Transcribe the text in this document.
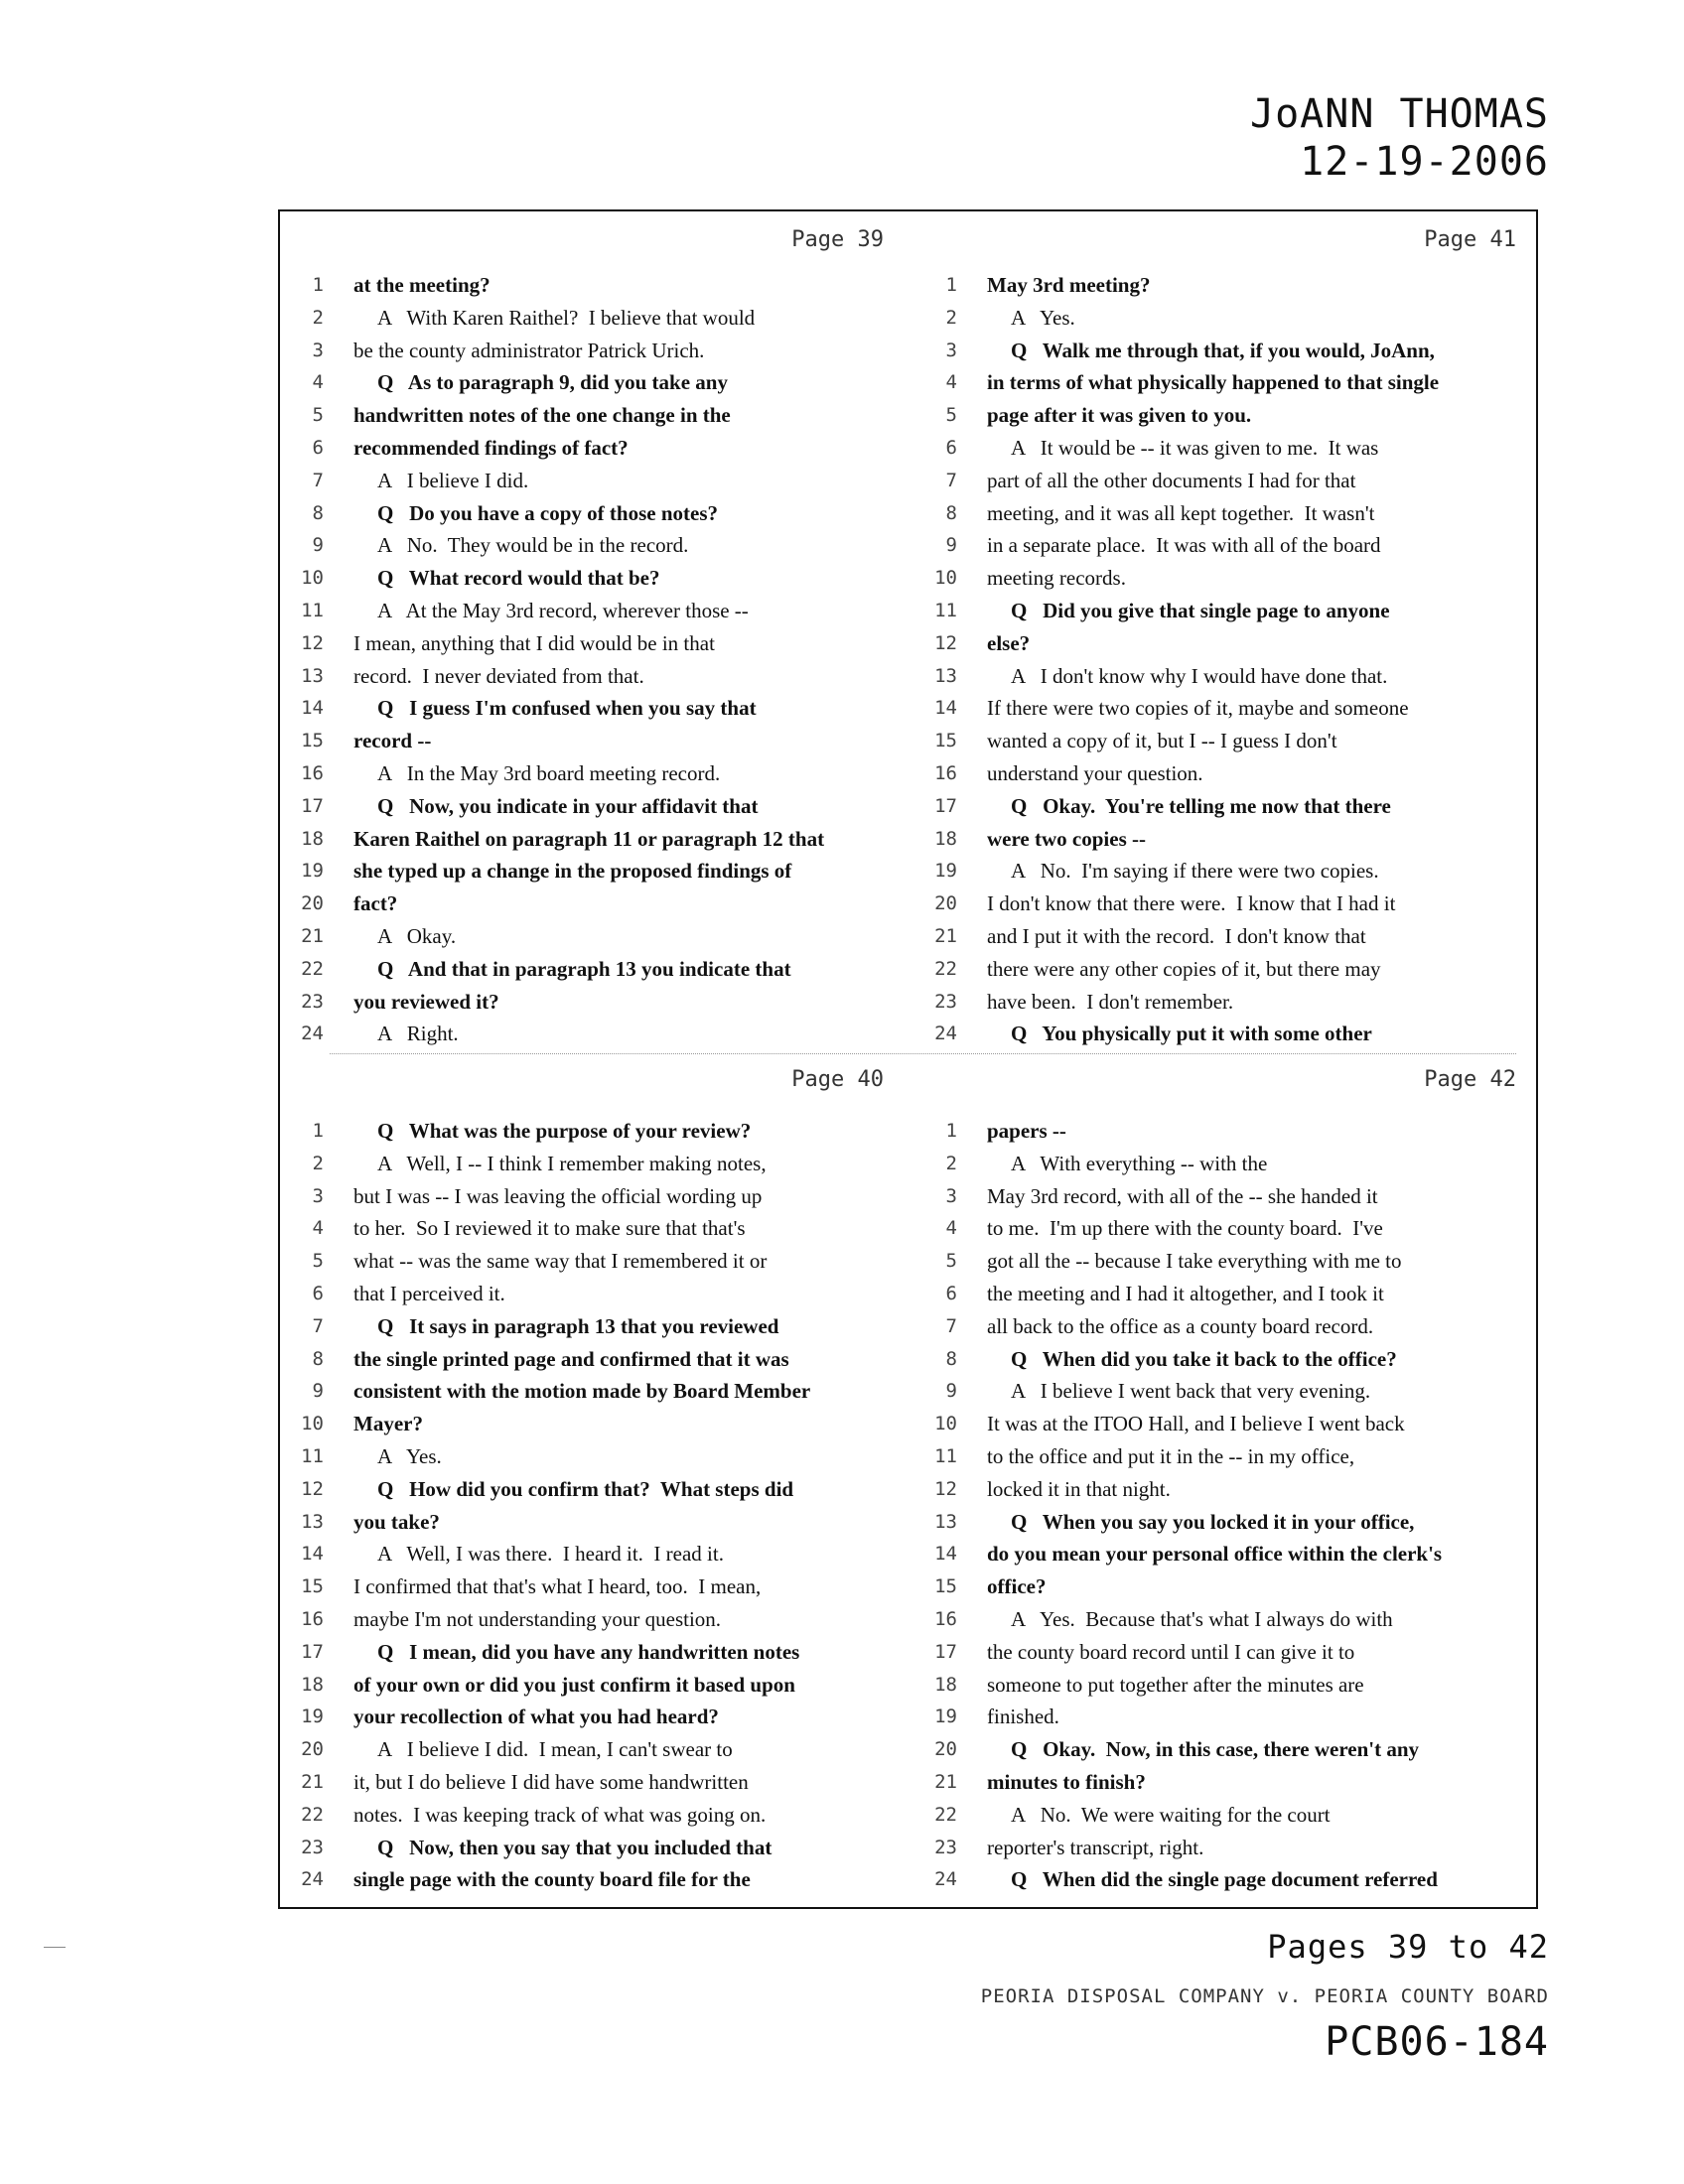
JoANN THOMAS
12-19-2006
Page 39
1 at the meeting?
2	A   With Karen Raithel?  I believe that would
3 be the county administrator Patrick Urich.
4	Q   As to paragraph 9, did you take any
5 handwritten notes of the one change in the
6 recommended findings of fact?
7	A   I believe I did.
8	Q   Do you have a copy of those notes?
9	A   No.  They would be in the record.
10	Q   What record would that be?
11	A   At the May 3rd record, wherever those --
12 I mean, anything that I did would be in that
13 record.  I never deviated from that.
14	Q   I guess I'm confused when you say that
15 record --
16	A   In the May 3rd board meeting record.
17	Q   Now, you indicate in your affidavit that
18 Karen Raithel on paragraph 11 or paragraph 12 that
19 she typed up a change in the proposed findings of
20 fact?
21	A   Okay.
22	Q   And that in paragraph 13 you indicate that
23 you reviewed it?
24	A   Right.
Page 41
1 May 3rd meeting?
2	A   Yes.
3	Q   Walk me through that, if you would, JoAnn,
4 in terms of what physically happened to that single
5 page after it was given to you.
6	A   It would be -- it was given to me.  It was
7 part of all the other documents I had for that
8 meeting, and it was all kept together.  It wasn't
9 in a separate place.  It was with all of the board
10 meeting records.
11	Q   Did you give that single page to anyone
12 else?
13	A   I don't know why I would have done that.
14 If there were two copies of it, maybe and someone
15 wanted a copy of it, but I -- I guess I don't
16 understand your question.
17	Q   Okay.  You're telling me now that there
18 were two copies --
19	A   No.  I'm saying if there were two copies.
20 I don't know that there were.  I know that I had it
21 and I put it with the record.  I don't know that
22 there were any other copies of it, but there may
23 have been.  I don't remember.
24	Q   You physically put it with some other
Page 40
1	Q   What was the purpose of your review?
2	A   Well, I -- I think I remember making notes,
3 but I was -- I was leaving the official wording up
4 to her.  So I reviewed it to make sure that that's
5 what -- was the same way that I remembered it or
6 that I perceived it.
7	Q   It says in paragraph 13 that you reviewed
8 the single printed page and confirmed that it was
9 consistent with the motion made by Board Member
10 Mayer?
11	A   Yes.
12	Q   How did you confirm that?  What steps did
13 you take?
14	A   Well, I was there.  I heard it.  I read it.
15 I confirmed that that's what I heard, too.  I mean,
16 maybe I'm not understanding your question.
17	Q   I mean, did you have any handwritten notes
18 of your own or did you just confirm it based upon
19 your recollection of what you had heard?
20	A   I believe I did.  I mean, I can't swear to
21 it, but I do believe I did have some handwritten
22 notes.  I was keeping track of what was going on.
23	Q   Now, then you say that you included that
24 single page with the county board file for the
Page 42
1 papers --
2	A   With everything -- with the
3 May 3rd record, with all of the -- she handed it
4 to me.  I'm up there with the county board.  I've
5 got all the -- because I take everything with me to
6 the meeting and I had it altogether, and I took it
7 all back to the office as a county board record.
8	Q   When did you take it back to the office?
9	A   I believe I went back that very evening.
10 It was at the ITOO Hall, and I believe I went back
11 to the office and put it in the -- in my office,
12 locked it in that night.
13	Q   When you say you locked it in your office,
14 do you mean your personal office within the clerk's
15 office?
16	A   Yes.  Because that's what I always do with
17 the county board record until I can give it to
18 someone to put together after the minutes are
19 finished.
20	Q   Okay.  Now, in this case, there weren't any
21 minutes to finish?
22	A   No.  We were waiting for the court
23 reporter's transcript, right.
24	Q   When did the single page document referred
Pages 39 to 42
PEORIA DISPOSAL COMPANY v. PEORIA COUNTY BOARD
PCB06-184
